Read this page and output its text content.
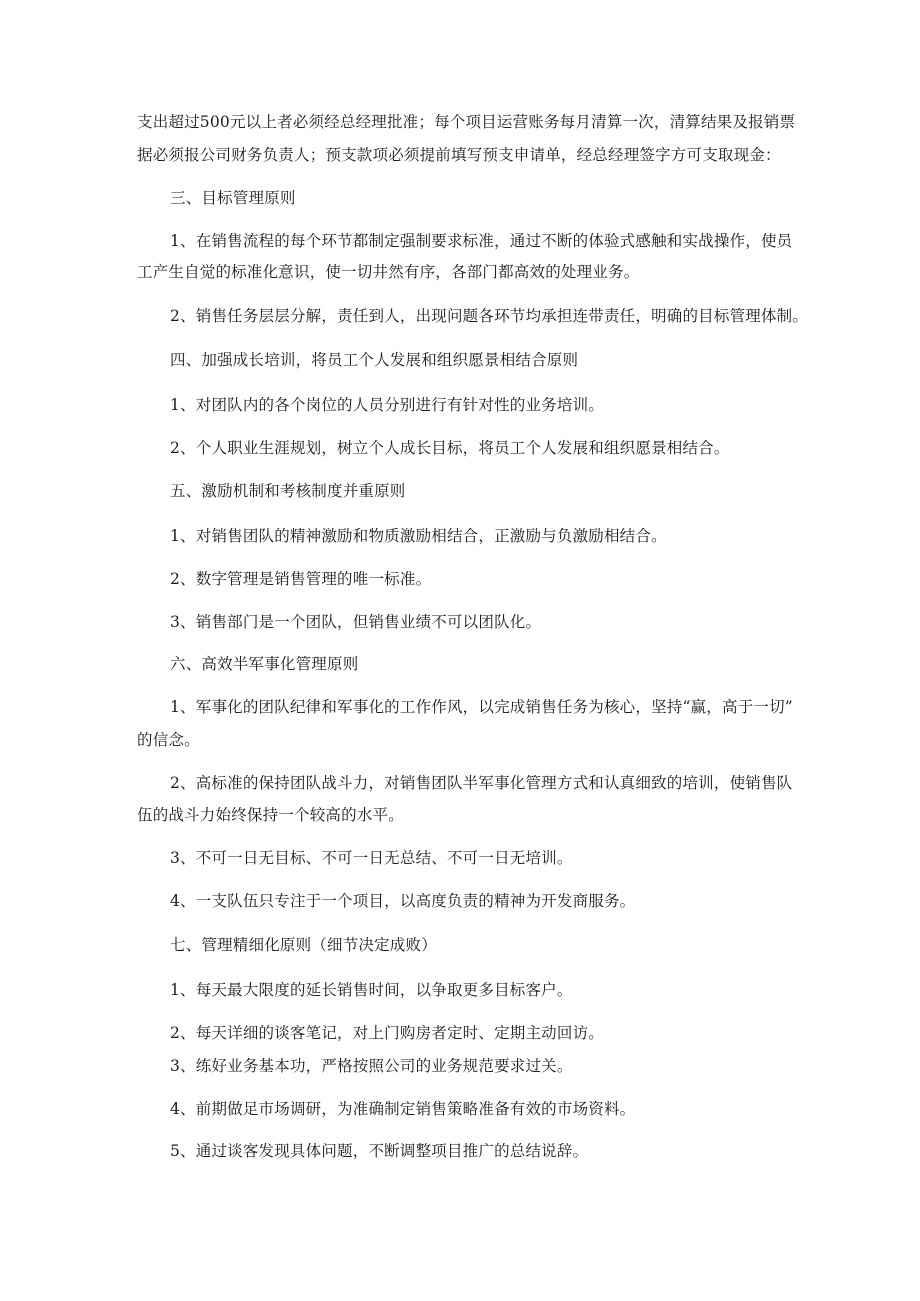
支出超过500元以上者必须经总经理批准；每个项目运营账务每月清算一次，清算结果及报销票
据必须报公司财务负责人；预支款项必须提前填写预支申请单，经总经理签字方可支取现金：
三、目标管理原则
1、在销售流程的每个环节都制定强制要求标准，通过不断的体验式感触和实战操作，使员
工产生自觉的标准化意识，使一切井然有序，各部门都高效的处理业务。
2、销售任务层层分解，责任到人，出现问题各环节均承担连带责任，明确的目标管理体制。
四、加强成长培训，将员工个人发展和组织愿景相结合原则
1、对团队内的各个岗位的人员分别进行有针对性的业务培训。
2、个人职业生涯规划，树立个人成长目标，将员工个人发展和组织愿景相结合。
五、激励机制和考核制度并重原则
1、对销售团队的精神激励和物质激励相结合，正激励与负激励相结合。
2、数字管理是销售管理的唯一标准。
3、销售部门是一个团队，但销售业绩不可以团队化。
六、高效半军事化管理原则
1、军事化的团队纪律和军事化的工作作风，以完成销售任务为核心，坚持“赢，高于一切”
的信念。
2、高标准的保持团队战斗力，对销售团队半军事化管理方式和认真细致的培训，使销售队
伍的战斗力始终保持一个较高的水平。
3、不可一日无目标、不可一日无总结、不可一日无培训。
4、一支队伍只专注于一个项目，以高度负责的精神为开发商服务。
七、管理精细化原则（细节决定成败）
1、每天最大限度的延长销售时间，以争取更多目标客户。
2、每天详细的谈客笔记，对上门购房者定时、定期主动回访。
3、练好业务基本功，严格按照公司的业务规范要求过关。
4、前期做足市场调研，为准确制定销售策略准备有效的市场资料。
5、通过谈客发现具体问题，不断调整项目推广的总结说辞。
